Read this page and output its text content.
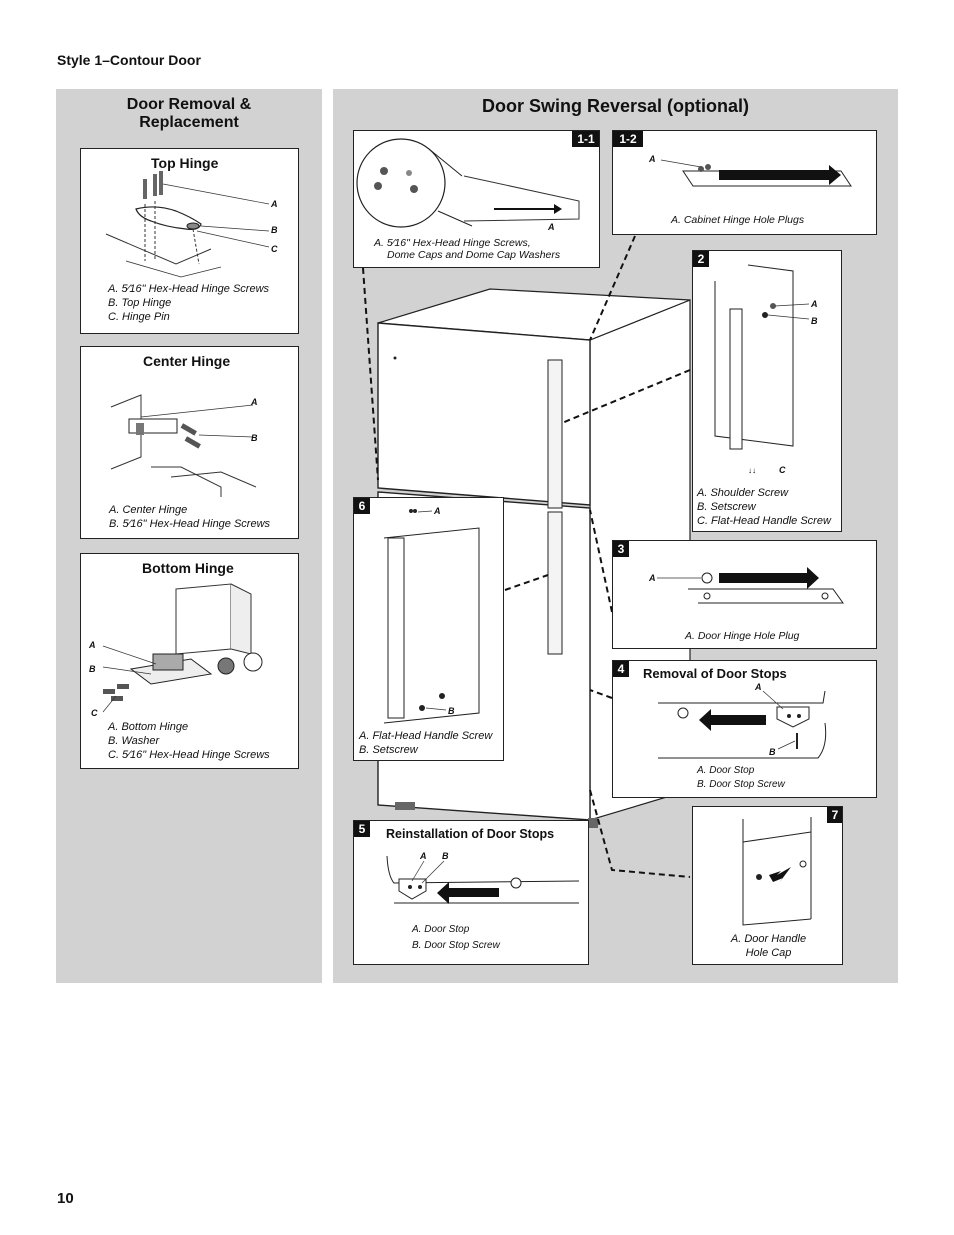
Style 1–Contour Door
Door Removal &
Replacement
Top Hinge
A
B
C
A. 5⁄16" Hex-Head Hinge Screws
B. Top Hinge
C. Hinge Pin
Center Hinge
A
B
A. Center Hinge
B. 5⁄16" Hex-Head Hinge Screws
Bottom Hinge
A
B
C
A. Bottom Hinge
B. Washer
C. 5⁄16" Hex-Head Hinge Screws
Door Swing Reversal (optional)
1-1
A
A. 5⁄16" Hex-Head Hinge Screws,
Dome Caps and Dome Cap Washers
1-2
A
A. Cabinet Hinge Hole Plugs
↓↓
2
A
B
C
A. Shoulder Screw
B. Setscrew
C. Flat-Head Handle Screw
3
A
A. Door Hinge Hole Plug
Removal of Door Stops
4
A
B
A. Door Stop
B. Door Stop Screw
6	A
B
A. Flat-Head Handle Screw
B. Setscrew
Reinstallation of Door Stops
5
A B
A. Door Stop
B. Door Stop Screw
7
A. Door Handle
Hole Cap
10
